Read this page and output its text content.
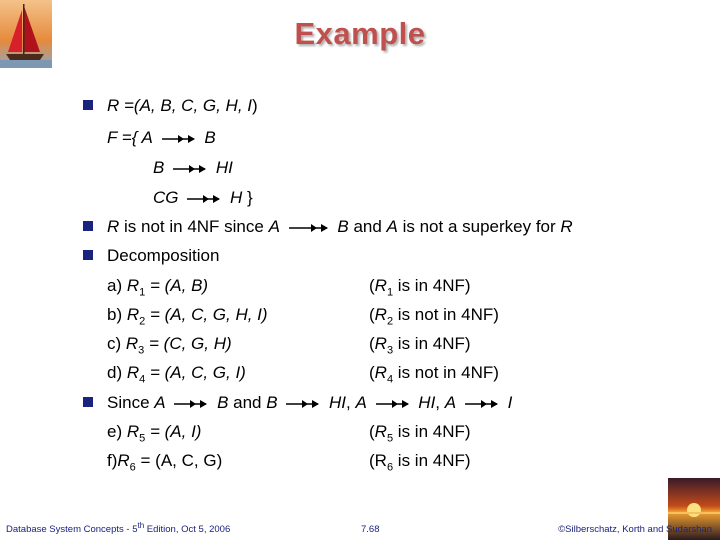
Example
R =(A, B, C, G, H, I)
F ={ A	B
B	HI
CG	H }
R is not in 4NF since A	B and A is not a superkey for R
Decomposition
a) $R_1 = (A$, B)	($R_1$ is in 4NF)
b) $R_2 = (A$, C, G, H, I)	($R_2$ is not in 4NF)
c) $R_3 = (C$, G, H)	($R_3$ is in 4NF)
d) $R_4 = (A$, C, G, I)	($R_4$ is not in 4NF)
Since A	B and B	HI, A	HI, A	I
e) $R_5 = (A$, I)	($R_5$ is in 4NF)
$f)R_6 = (A$, C, G)	($R_6$ is in 4NF)
Database System Concepts - 5th Edition, Oct 5, 2006	7.68	©Silberschatz, Korth and Sudarshan
